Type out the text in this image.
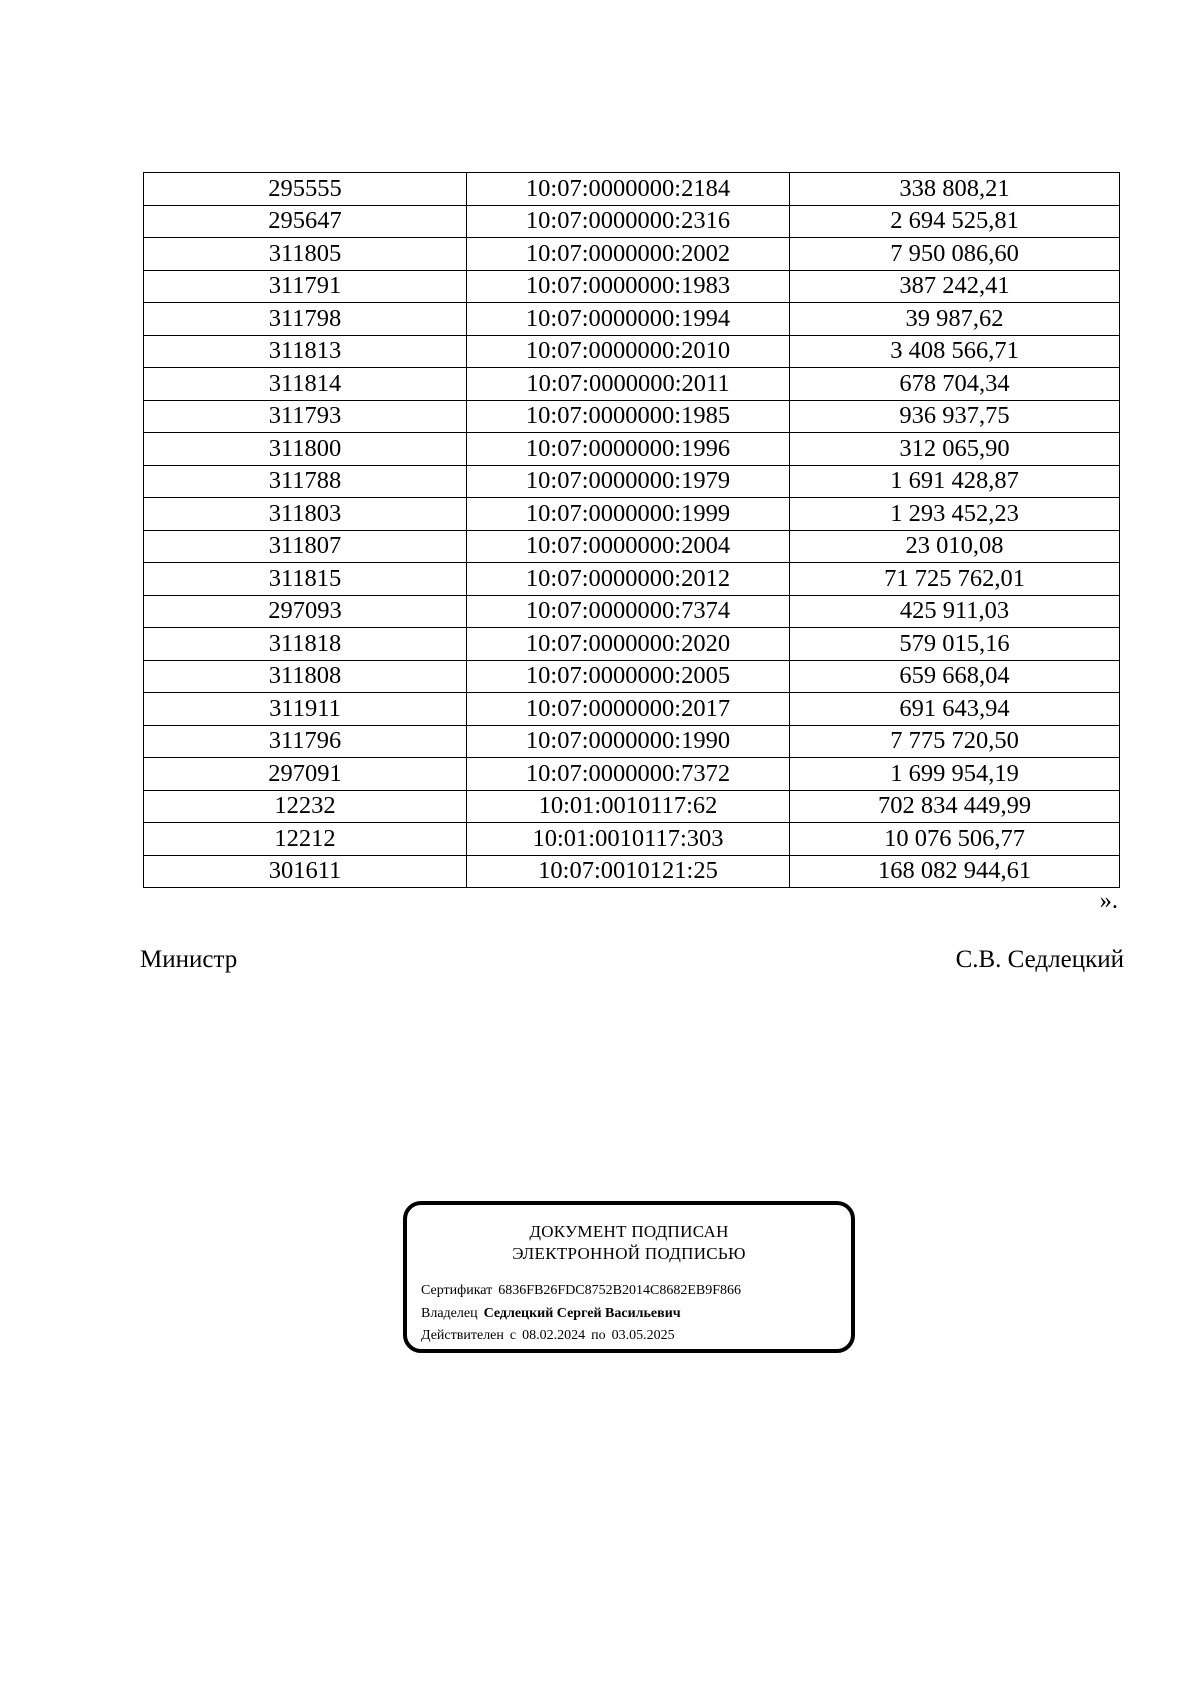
295555	10:07:0000000:2184	338 808,21
295647	10:07:0000000:2316	2 694 525,81
311805	10:07:0000000:2002	7 950 086,60
311791	10:07:0000000:1983	387 242,41
311798	10:07:0000000:1994	39 987,62
311813	10:07:0000000:2010	3 408 566,71
311814	10:07:0000000:2011	678 704,34
311793	10:07:0000000:1985	936 937,75
311800	10:07:0000000:1996	312 065,90
311788	10:07:0000000:1979	1 691 428,87
311803	10:07:0000000:1999	1 293 452,23
311807	10:07:0000000:2004	23 010,08
311815	10:07:0000000:2012	71 725 762,01
297093	10:07:0000000:7374	425 911,03
311818	10:07:0000000:2020	579 015,16
311808	10:07:0000000:2005	659 668,04
311911	10:07:0000000:2017	691 643,94
311796	10:07:0000000:1990	7 775 720,50
297091	10:07:0000000:7372	1 699 954,19
12232	10:01:0010117:62	702 834 449,99
12212	10:01:0010117:303	10 076 506,77
301611	10:07:0010121:25	168 082 944,61
».
Министр	С.В. Седлецкий
ДОКУМЕНТ ПОДПИСАН
ЭЛЕКТРОННОЙ ПОДПИСЬЮ
Сертификат 6836FB26FDC8752B2014C8682EB9F866
Владелец Седлецкий Сергей Васильевич
Действителен с 08.02.2024 по 03.05.2025
